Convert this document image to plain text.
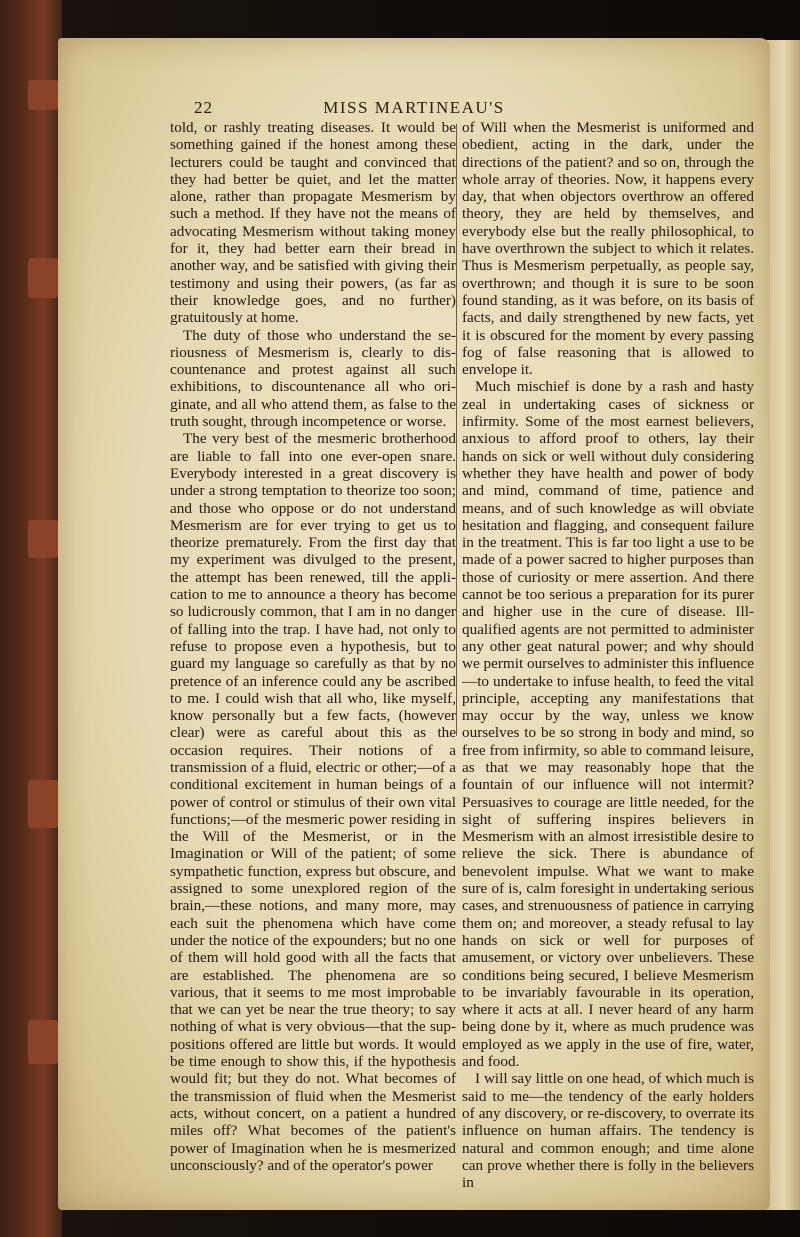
22	MISS MARTINEAU'S

told, or rashly treating diseases. It would be something gained if the honest among these lecturers could be taught and convinced that they had better be quiet, and let the matter alone, rather than propagate Mesmerism by such a method. If they have not the means of advocating Mesmerism without taking money for it, they had better earn their bread in another way, and be satisfied with giving their testimony and using their powers, (as far as their knowledge goes, and no further) gratuitously at home.

The duty of those who understand the seriousness of Mesmerism is, clearly to discountenance and protest against all such exhibitions, to discountenance all who originate, and all who attend them, as false to the truth sought, through incompetence or worse.

The very best of the mesmeric brotherhood are liable to fall into one ever-open snare. Everybody interested in a great discovery is under a strong temptation to theorize too soon; and those who oppose or do not understand Mesmerism are for ever trying to get us to theorize prematurely. From the first day that my experiment was divulged to the present, the attempt has been renewed, till the application to me to announce a theory has become so ludicrously common, that I am in no danger of falling into the trap. I have had, not only to refuse to propose even a hypothesis, but to guard my language so carefully as that by no pretence of an inference could any be ascribed to me. I could wish that all who, like myself, know personally but a few facts, (however clear) were as careful about this as the occasion requires. Their notions of a transmission of a fluid, electric or other;—of a conditional excitement in human beings of a power of control or stimulus of their own vital functions;—of the mesmeric power residing in the Will of the Mesmerist, or in the Imagination or Will of the patient; of some sympathetic function, express but obscure, and assigned to some unexplored region of the brain,—these notions, and many more, may each suit the phenomena which have come under the notice of the expounders; but no one of them will hold good with all the facts that are established. The phenomena are so various, that it seems to me most improbable that we can yet be near the true theory; to say nothing of what is very obvious—that the suppositions offered are little but words. It would be time enough to show this, if the hypothesis would fit; but they do not. What becomes of the transmission of fluid when the Mesmerist acts, without concert, on a patient a hundred miles off? What becomes of the patient's power of Imagination when he is mesmerized unconsciously? and of the operator's power

of Will when the Mesmerist is uniformed and obedient, acting in the dark, under the directions of the patient? and so on, through the whole array of theories. Now, it happens every day, that when objectors overthrow an offered theory, they are held by themselves, and everybody else but the really philosophical, to have overthrown the subject to which it relates. Thus is Mesmerism perpetually, as people say, overthrown; and though it is sure to be soon found standing, as it was before, on its basis of facts, and daily strengthened by new facts, yet it is obscured for the moment by every passing fog of false reasoning that is allowed to envelope it.

Much mischief is done by a rash and hasty zeal in undertaking cases of sickness or infirmity. Some of the most earnest believers, anxious to afford proof to others, lay their hands on sick or well without duly considering whether they have health and power of body and mind, command of time, patience and means, and of such knowledge as will obviate hesitation and flagging, and consequent failure in the treatment. This is far too light a use to be made of a power sacred to higher purposes than those of curiosity or mere assertion. And there cannot be too serious a preparation for its purer and higher use in the cure of disease. Ill-qualified agents are not permitted to administer any other geat natural power; and why should we permit ourselves to administer this influence—to undertake to infuse health, to feed the vital principle, accepting any manifestations that may occur by the way, unless we know ourselves to be so strong in body and mind, so free from infirmity, so able to command leisure, as that we may reasonably hope that the fountain of our influence will not intermit? Persuasives to courage are little needed, for the sight of suffering inspires believers in Mesmerism with an almost irresistible desire to relieve the sick. There is abundance of benevolent impulse. What we want to make sure of is, calm foresight in undertaking serious cases, and strenuousness of patience in carrying them on; and moreover, a steady refusal to lay hands on sick or well for purposes of amusement, or victory over unbelievers. These conditions being secured, I believe Mesmerism to be invariably favourable in its operation, where it acts at all. I never heard of any harm being done by it, where as much prudence was employed as we apply in the use of fire, water, and food.

I will say little on one head, of which much is said to me—the tendency of the early holders of any discovery, or re-discovery, to overrate its influence on human affairs. The tendency is natural and common enough; and time alone can prove whether there is folly in the believers in
